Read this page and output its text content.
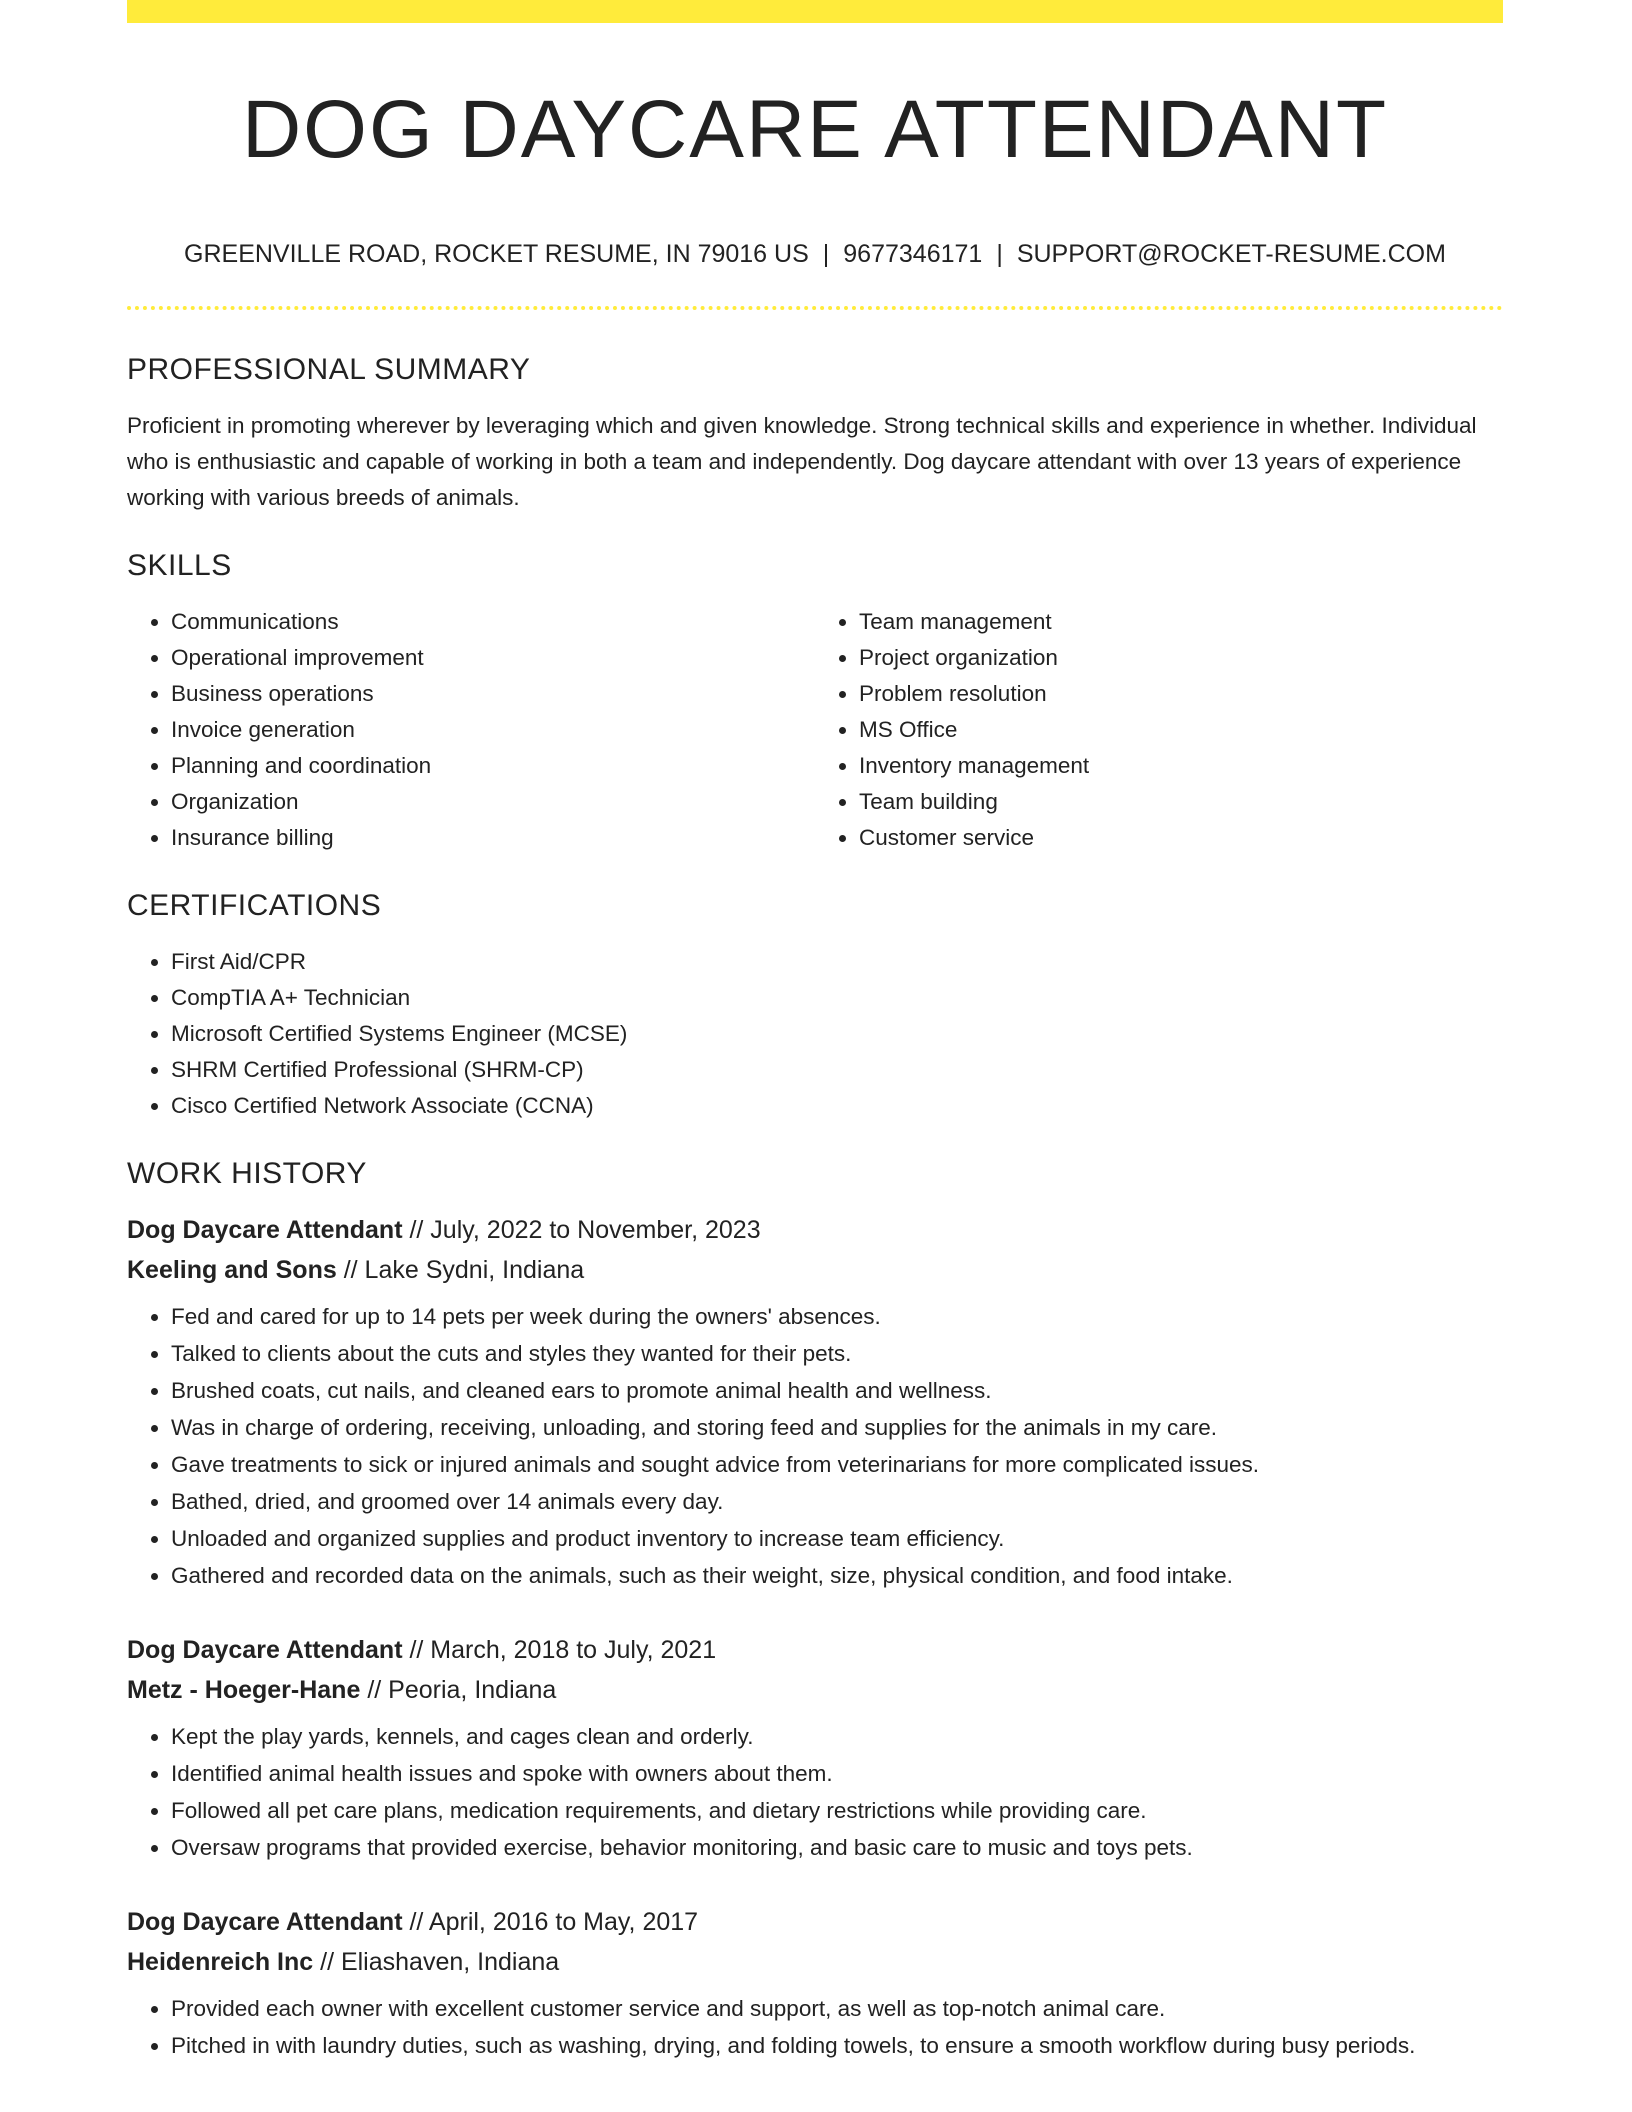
DOG DAYCARE ATTENDANT
GREENVILLE ROAD, ROCKET RESUME, IN 79016 US | 9677346171 | SUPPORT@ROCKET-RESUME.COM
PROFESSIONAL SUMMARY

Proficient in promoting wherever by leveraging which and given knowledge. Strong technical skills and experience in whether. Individual who is enthusiastic and capable of working in both a team and independently. Dog daycare attendant with over 13 years of experience working with various breeds of animals.

SKILLS
• Communications
• Operational improvement
• Business operations
• Invoice generation
• Planning and coordination
• Organization
• Insurance billing
• Team management
• Project organization
• Problem resolution
• MS Office
• Inventory management
• Team building
• Customer service
CERTIFICATIONS
• First Aid/CPR
• CompTIA A+ Technician
• Microsoft Certified Systems Engineer (MCSE)
• SHRM Certified Professional (SHRM-CP)
• Cisco Certified Network Associate (CCNA)
WORK HISTORY
Dog Daycare Attendant // July, 2022 to November, 2023
Keeling and Sons // Lake Sydni, Indiana
• Fed and cared for up to 14 pets per week during the owners' absences.
• Talked to clients about the cuts and styles they wanted for their pets.
• Brushed coats, cut nails, and cleaned ears to promote animal health and wellness.
• Was in charge of ordering, receiving, unloading, and storing feed and supplies for the animals in my care.
• Gave treatments to sick or injured animals and sought advice from veterinarians for more complicated issues.
• Bathed, dried, and groomed over 14 animals every day.
• Unloaded and organized supplies and product inventory to increase team efficiency.
• Gathered and recorded data on the animals, such as their weight, size, physical condition, and food intake.
Dog Daycare Attendant // March, 2018 to July, 2021
Metz - Hoeger-Hane // Peoria, Indiana
• Kept the play yards, kennels, and cages clean and orderly.
• Identified animal health issues and spoke with owners about them.
• Followed all pet care plans, medication requirements, and dietary restrictions while providing care.
• Oversaw programs that provided exercise, behavior monitoring, and basic care to music and toys pets.
Dog Daycare Attendant // April, 2016 to May, 2017
Heidenreich Inc // Eliashaven, Indiana
• Provided each owner with excellent customer service and support, as well as top-notch animal care.
• Pitched in with laundry duties, such as washing, drying, and folding towels, to ensure a smooth workflow during busy periods.
